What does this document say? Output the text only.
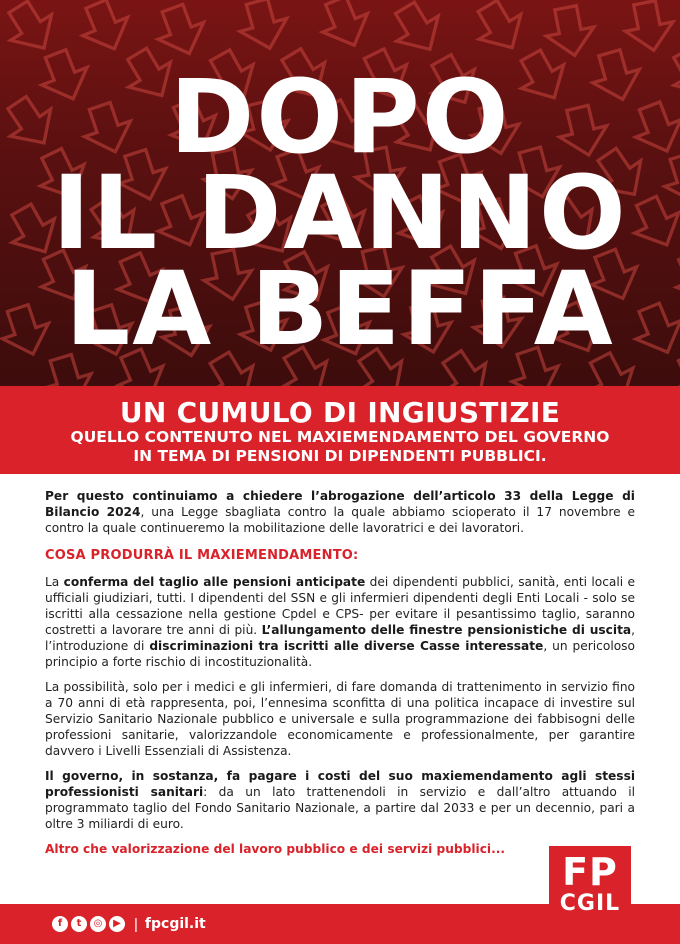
DOPO
IL DANNO
LA BEFFA
UN CUMULO DI INGIUSTIZIE
QUELLO CONTENUTO NEL MAXIEMENDAMENTO DEL GOVERNO
IN TEMA DI PENSIONI DI DIPENDENTI PUBBLICI.

Per questo continuiamo a chiedere l’abrogazione dell’articolo 33 della Legge di Bilancio 2024, una Legge sbagliata contro la quale abbiamo scioperato il 17 novembre e contro la quale continueremo la mobilitazione delle lavoratrici e dei lavoratori.

COSA PRODURRÀ IL MAXIEMENDAMENTO:

La conferma del taglio alle pensioni anticipate dei dipendenti pubblici, sanità, enti locali e ufficiali giudiziari, tutti. I dipendenti del SSN e gli infermieri dipendenti degli Enti Locali - solo se iscritti alla cessazione nella gestione Cpdel e CPS- per evitare il pesantissimo taglio, saranno costretti a lavorare tre anni di più. L’allungamento delle finestre pensionistiche di uscita, l’introduzione di discriminazioni tra iscritti alle diverse Casse interessate, un pericoloso principio a forte rischio di incostituzionalità.

La possibilità, solo per i medici e gli infermieri, di fare domanda di trattenimento in servizio fino a 70 anni di età rappresenta, poi, l’ennesima sconfitta di una politica incapace di investire sul Servizio Sanitario Nazionale pubblico e universale e sulla programmazione dei fabbisogni delle professioni sanitarie, valorizzandole economicamente e professionalmente, per garantire davvero i Livelli Essenziali di Assistenza.

Il governo, in sostanza, fa pagare i costi del suo maxiemendamento agli stessi professionisti sanitari: da un lato trattenendoli in servizio e dall’altro attuando il programmato taglio del Fondo Sanitario Nazionale, a partire dal 2033 e per un decennio, pari a oltre 3 miliardi di euro.

Altro che valorizzazione del lavoro pubblico e dei servizi pubblici...
FP
CGIL
f	t	◎	▶ | fpcgil.it
